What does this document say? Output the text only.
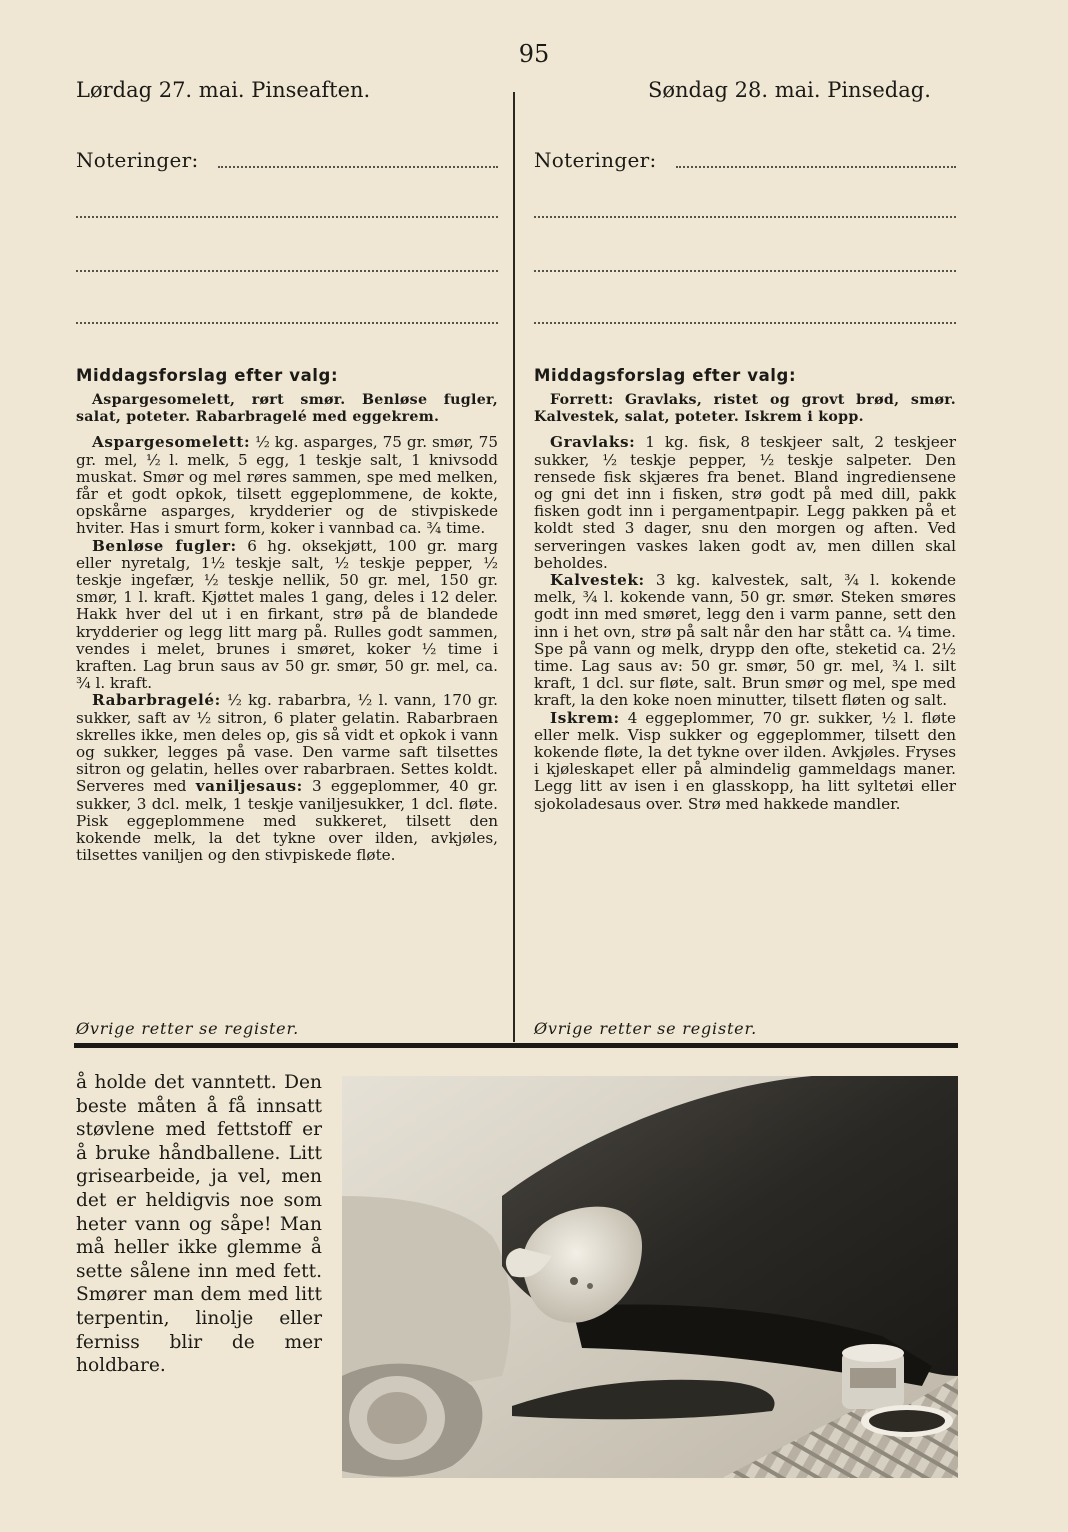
95
Lørdag 27. mai. Pinseaften.
Noteringer:
Middagsforslag efter valg:

Aspargesomelett, rørt smør. Benløse fugler, salat, poteter. Rabarbragelé med eggekrem.

Aspargesomelett: ½ kg. asparges, 75 gr. smør, 75 gr. mel, ½ l. melk, 5 egg, 1 teskje salt, 1 knivsodd muskat. Smør og mel røres sammen, spe med melken, får et godt opkok, tilsett eggeplommene, de kokte, opskårne asparges, krydderier og de stivpiskede hviter. Has i smurt form, koker i vannbad ca. ¾ time.

Benløse fugler: 6 hg. oksekjøtt, 100 gr. marg eller nyretalg, 1½ teskje salt, ½ teskje pepper, ½ teskje ingefær, ½ teskje nellik, 50 gr. mel, 150 gr. smør, 1 l. kraft. Kjøttet males 1 gang, deles i 12 deler. Hakk hver del ut i en firkant, strø på de blandede krydderier og legg litt marg på. Rulles godt sammen, vendes i melet, brunes i smøret, koker ½ time i kraften. Lag brun saus av 50 gr. smør, 50 gr. mel, ca. ¾ l. kraft.

Rabarbragelé: ½ kg. rabarbra, ½ l. vann, 170 gr. sukker, saft av ½ sitron, 6 plater gelatin. Rabarbraen skrelles ikke, men deles op, gis så vidt et opkok i vann og sukker, legges på vase. Den varme saft tilsettes sitron og gelatin, helles over rabarbraen. Settes koldt. Serveres med vaniljesaus: 3 eggeplommer, 40 gr. sukker, 3 dcl. melk, 1 teskje vaniljesukker, 1 dcl. fløte. Pisk eggeplommene med sukkeret, tilsett den kokende melk, la det tykne over ilden, avkjøles, tilsettes vaniljen og den stivpiskede fløte.

Øvrige retter se register.
Søndag 28. mai. Pinsedag.
Noteringer:
Middagsforslag efter valg:

Forrett: Gravlaks, ristet og grovt brød, smør. Kalvestek, salat, poteter. Iskrem i kopp.

Gravlaks: 1 kg. fisk, 8 teskjeer salt, 2 teskjeer sukker, ½ teskje pepper, ½ teskje salpeter. Den rensede fisk skjæres fra benet. Bland ingrediensene og gni det inn i fisken, strø godt på med dill, pakk fisken godt inn i pergamentpapir. Legg pakken på et koldt sted 3 dager, snu den morgen og aften. Ved serveringen vaskes laken godt av, men dillen skal beholdes.

Kalvestek: 3 kg. kalvestek, salt, ¾ l. kokende melk, ¾ l. kokende vann, 50 gr. smør. Steken smøres godt inn med smøret, legg den i varm panne, sett den inn i het ovn, strø på salt når den har stått ca. ¼ time. Spe på vann og melk, drypp den ofte, steketid ca. 2½ time. Lag saus av: 50 gr. smør, 50 gr. mel, ¾ l. silt kraft, 1 dcl. sur fløte, salt. Brun smør og mel, spe med kraft, la den koke noen minutter, tilsett fløten og salt.

Iskrem: 4 eggeplommer, 70 gr. sukker, ½ l. fløte eller melk. Visp sukker og eggeplommer, tilsett den kokende fløte, la det tykne over ilden. Avkjøles. Fryses i kjøleskapet eller på almindelig gammeldags maner. Legg litt av isen i en glasskopp, ha litt syltetøi eller sjokoladesaus over. Strø med hakkede mandler.

Øvrige retter se register.
å holde det vanntett. Den beste måten å få innsatt støvlene med fettstoff er å bruke håndballene. Litt grisearbeide, ja vel, men det er heldigvis noe som heter vann og såpe! Man må heller ikke glemme å sette sålene inn med fett. Smører man dem med litt terpentin, linolje eller ferniss blir de mer holdbare.
